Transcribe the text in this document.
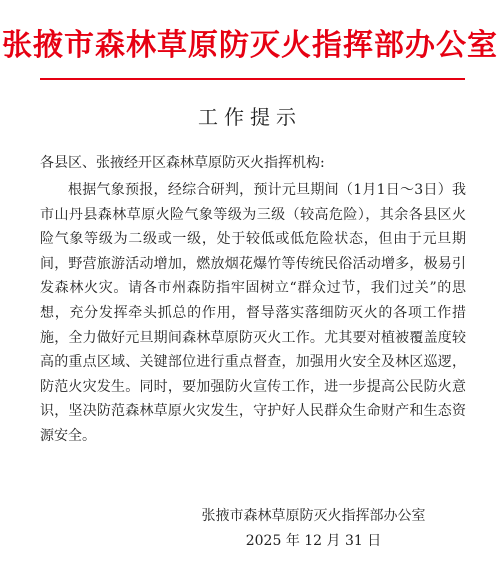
张掖市森林草原防灭火指挥部办公室
工作提示
各县区、张掖经开区森林草原防灭火指挥机构:

根据气象预报，经综合研判，预计元旦期间（1月1日～3日）我市山丹县森林草原火险气象等级为三级（较高危险），其余各县区火险气象等级为二级或一级，处于较低或低危险状态，但由于元旦期间，野营旅游活动增加，燃放烟花爆竹等传统民俗活动增多，极易引发森林火灾。请各市州森防指牢固树立“群众过节，我们过关”的思想，充分发挥牵头抓总的作用，督导落实落细防灭火的各项工作措施，全力做好元旦期间森林草原防灭火工作。尤其要对植被覆盖度较高的重点区域、关键部位进行重点督查，加强用火安全及林区巡逻，防范火灾发生。同时，要加强防火宣传工作，进一步提高公民防火意识，坚决防范森林草原火灾发生，守护好人民群众生命财产和生态资源安全。

张掖市森林草原防灭火指挥部办公室
2025 年 12 月 31 日
